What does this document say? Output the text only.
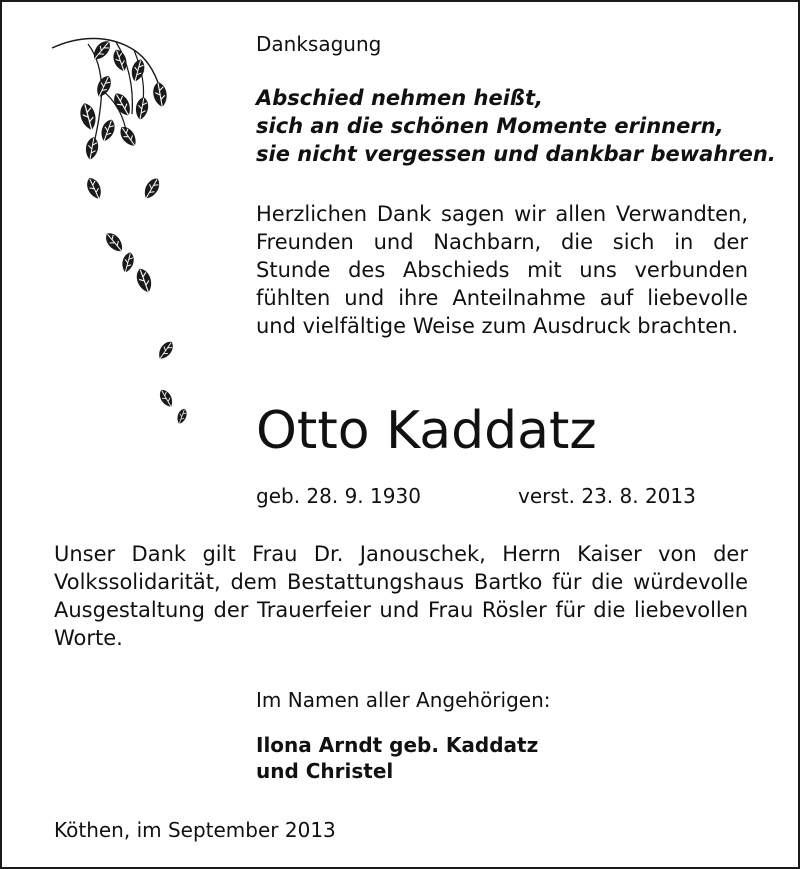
Danksagung
Abschied nehmen heißt,
sich an die schönen Momente erinnern,
sie nicht vergessen und dankbar bewahren.
Herzlichen Dank sagen wir allen Verwandten, Freunden und Nachbarn, die sich in der Stunde des Abschieds mit uns verbunden fühlten und ihre Anteilnahme auf liebevolle und vielfältige Weise zum Ausdruck brachten.
Otto Kaddatz
geb. 28. 9. 1930	verst. 23. 8. 2013
Unser Dank gilt Frau Dr. Janouschek, Herrn Kaiser von der Volkssolidarität, dem Bestattungshaus Bartko für die würdevolle Ausgestaltung der Trauerfeier und Frau Rösler für die liebevollen Worte.
Im Namen aller Angehörigen:
Ilona Arndt geb. Kaddatz
und Christel
Köthen, im September 2013
